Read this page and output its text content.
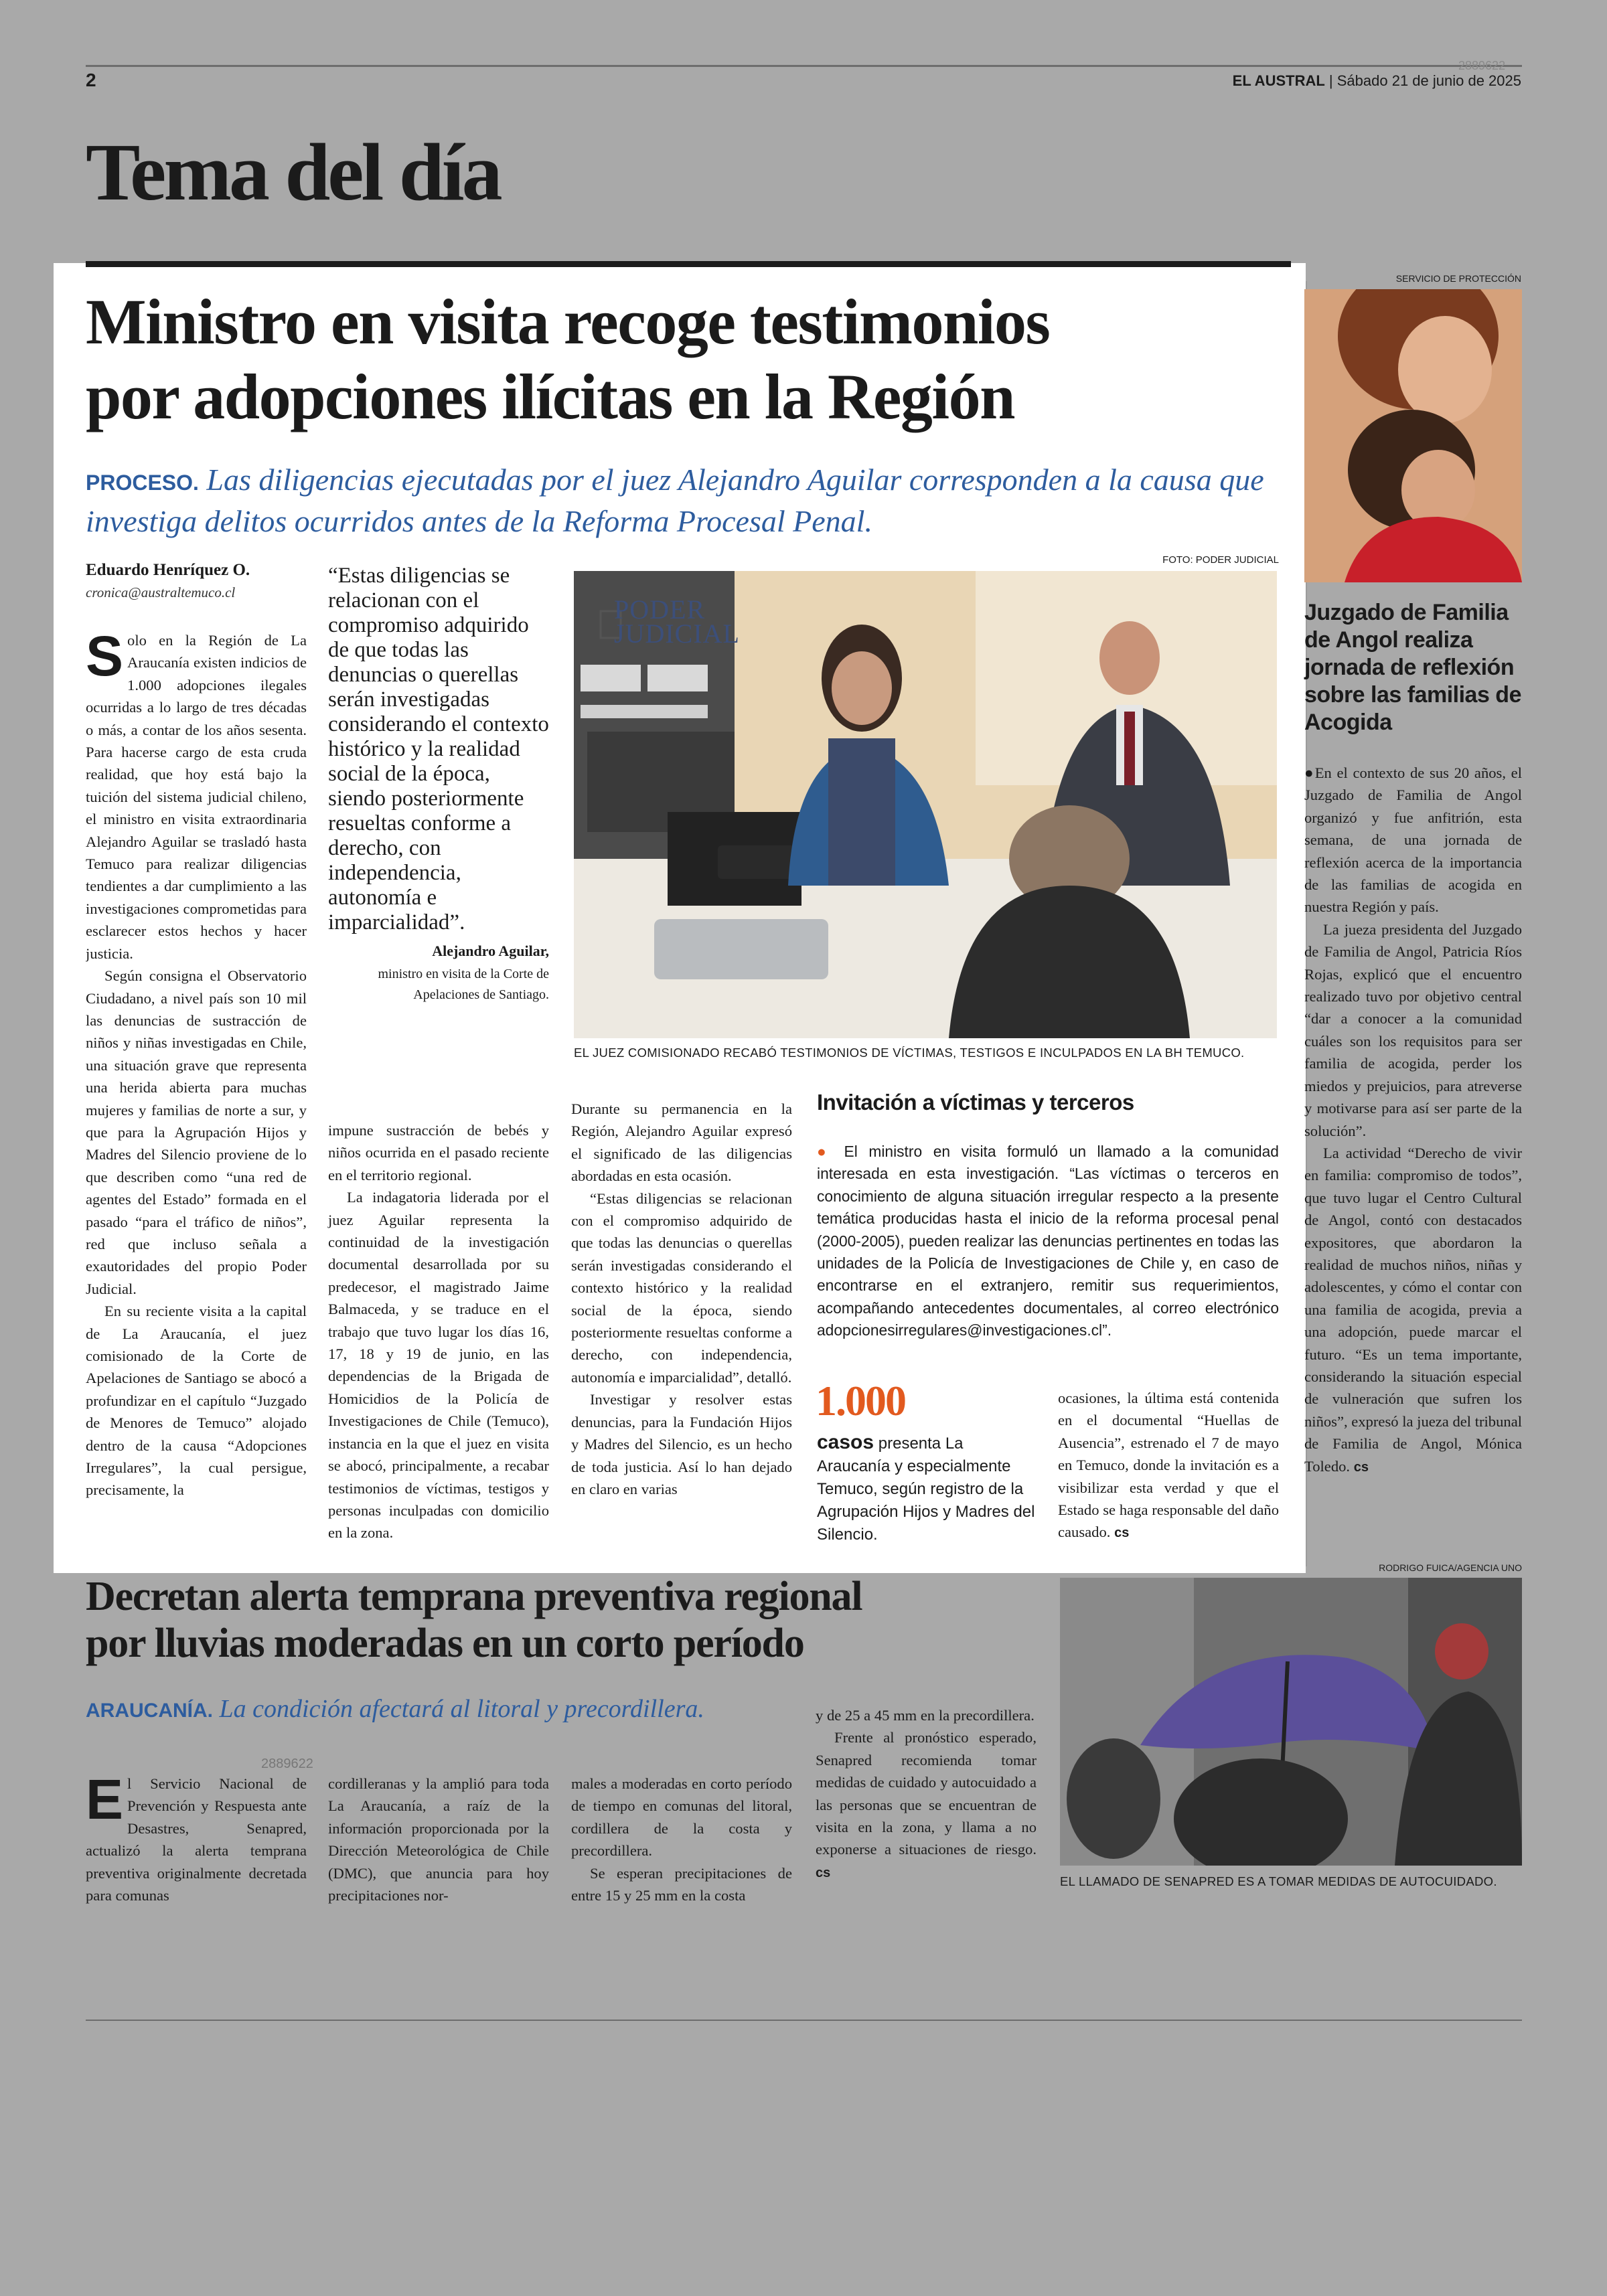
2
2889622
EL AUSTRAL | Sábado 21 de junio de 2025
Tema del día
Ministro en visita recoge testimonios
por adopciones ilícitas en la Región
PROCESO. Las diligencias ejecutadas por el juez Alejandro Aguilar corresponden a la causa que investiga delitos ocurridos antes de la Reforma Procesal Penal.
Eduardo Henríquez O.
cronica@australtemuco.cl

Solo en la Región de La Araucanía existen indicios de 1.000 adopciones ilegales ocurridas a lo largo de tres décadas o más, a contar de los años sesenta. Para hacerse cargo de esta cruda realidad, que hoy está bajo la tuición del sistema judicial chileno, el ministro en visita extraordinaria Alejandro Aguilar se trasladó hasta Temuco para realizar diligencias tendientes a dar cumplimiento a las investigaciones comprometidas para esclarecer estos hechos y hacer justicia.

Según consigna el Observatorio Ciudadano, a nivel país son 10 mil las denuncias de sustracción de niños y niñas investigadas en Chile, una situación grave que representa una herida abierta para muchas mujeres y familias de norte a sur, y que para la Agrupación Hijos y Madres del Silencio proviene de lo que describen como “una red de agentes del Estado” formada en el pasado “para el tráfico de niños”, red que incluso señala a exautoridades del propio Poder Judicial.

En su reciente visita a la capital de La Araucanía, el juez comisionado de la Corte de Apelaciones de Santiago se abocó a profundizar en el capítulo “Juzgado de Menores de Temuco” alojado dentro de la causa “Adopciones Irregulares”, la cual persigue, precisamente, la

“Estas diligencias se relacionan con el compromiso adquirido de que todas las denuncias o querellas serán investigadas considerando el contexto histórico y la realidad social de la época, siendo posteriormente resueltas conforme a derecho, con independencia, autonomía e imparcialidad”.
Alejandro Aguilar,
ministro en visita de la Corte de Apelaciones de Santiago.
FOTO: PODER JUDICIAL
PODER
JUDICIAL
EL JUEZ COMISIONADO RECABÓ TESTIMONIOS DE VÍCTIMAS, TESTIGOS E INCULPADOS EN LA BH TEMUCO.

impune sustracción de bebés y niños ocurrida en el pasado reciente en el territorio regional.

La indagatoria liderada por el juez Aguilar representa la continuidad de la investigación documental desarrollada por su predecesor, el magistrado Jaime Balmaceda, y se traduce en el trabajo que tuvo lugar los días 16, 17, 18 y 19 de junio, en las dependencias de la Brigada de Homicidios de la Policía de Investigaciones de Chile (Temuco), instancia en la que el juez en visita se abocó, principalmente, a recabar testimonios de víctimas, testigos y personas inculpadas con domicilio en la zona.

Durante su permanencia en la Región, Alejandro Aguilar expresó el significado de las diligencias abordadas en esta ocasión.

“Estas diligencias se relacionan con el compromiso adquirido de que todas las denuncias o querellas serán investigadas considerando el contexto histórico y la realidad social de la época, siendo posteriormente resueltas conforme a derecho, con independencia, autonomía e imparcialidad”, detalló.

Investigar y resolver estas denuncias, para la Fundación Hijos y Madres del Silencio, es un hecho de toda justicia. Así lo han dejado en claro en varias

Invitación a víctimas y terceros
● El ministro en visita formuló un llamado a la comunidad interesada en esta investigación. “Las víctimas o terceros en conocimiento de alguna situación irregular respecto a la presente temática producidas hasta el inicio de la reforma procesal penal (2000-2005), pueden realizar las denuncias pertinentes en todas las unidades de la Policía de Investigaciones de Chile y, en caso de encontrarse en el extranjero, remitir sus requerimientos, acompañando antecedentes documentales, al correo electrónico adopcionesirregulares@investigaciones.cl”.
1.000
casos presenta La Araucanía y especialmente Temuco, según registro de la Agrupación Hijos y Madres del Silencio.

ocasiones, la última está contenida en el documental “Huellas de Ausencia”, estrenado el 7 de mayo en Temuco, donde la invitación es a visibilizar esta verdad y que el Estado se haga responsable del daño causado. cs

SERVICIO DE PROTECCIÓN
Juzgado de Familia de Angol realiza jornada de reflexión sobre las familias de Acogida

●En el contexto de sus 20 años, el Juzgado de Familia de Angol organizó y fue anfitrión, esta semana, de una jornada de reflexión acerca de la importancia de las familias de acogida en nuestra Región y país.

La jueza presidenta del Juzgado de Familia de Angol, Patricia Ríos Rojas, explicó que el encuentro realizado tuvo por objetivo central “dar a conocer a la comunidad cuáles son los requisitos para ser familia de acogida, perder los miedos y prejuicios, para atreverse y motivarse para así ser parte de la solución”.

La actividad “Derecho de vivir en familia: compromiso de todos”, que tuvo lugar el Centro Cultural de Angol, contó con destacados expositores, que abordaron la realidad de muchos niños, niñas y adolescentes, y cómo el contar con una familia de acogida, previa a una adopción, puede marcar el futuro. “Es un tema importante, considerando la situación especial de vulneración que sufren los niños”, expresó la jueza del tribunal de Familia de Angol, Mónica Toledo. cs

Decretan alerta temprana preventiva regional
por lluvias moderadas en un corto período
ARAUCANÍA. La condición afectará al litoral y precordillera.
2889622

El Servicio Nacional de Prevención y Respuesta ante Desastres, Senapred, actualizó la alerta temprana preventiva originalmente decretada para comunas

cordilleranas y la amplió para toda La Araucanía, a raíz de la información proporcionada por la Dirección Meteorológica de Chile (DMC), que anuncia para hoy precipitaciones nor-

males a moderadas en corto período de tiempo en comunas del litoral, cordillera de la costa y precordillera.

Se esperan precipitaciones de entre 15 y 25 mm en la costa

y de 25 a 45 mm en la precordillera.

Frente al pronóstico esperado, Senapred recomienda tomar medidas de cuidado y autocuidado a las personas que se encuentran de visita en la zona, y llama a no exponerse a situaciones de riesgo. cs

RODRIGO FUICA/AGENCIA UNO
EL LLAMADO DE SENAPRED ES A TOMAR MEDIDAS DE AUTOCUIDADO.
